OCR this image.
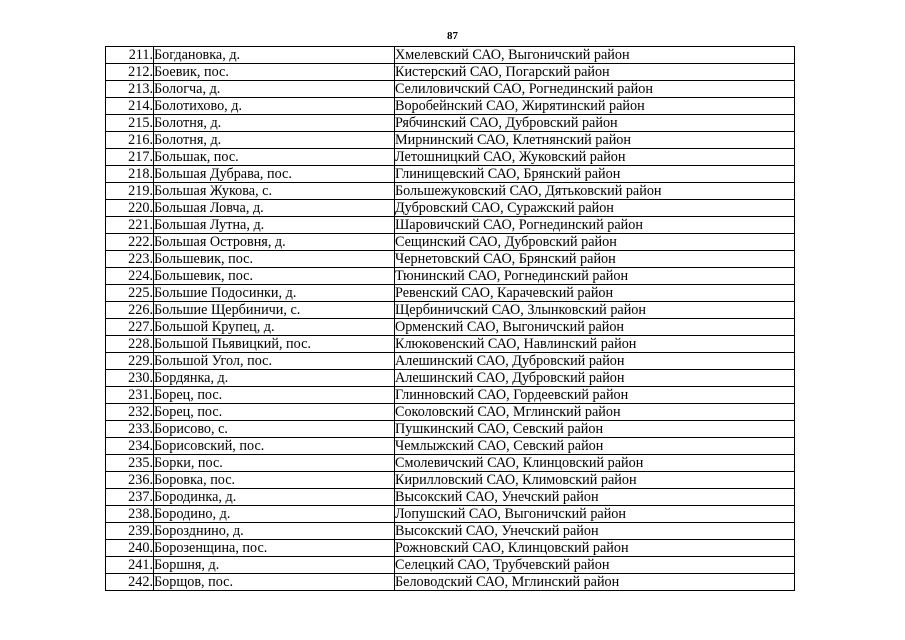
87
211.	Богдановка, д.	Хмелевский САО, Выгоничский район
212.	Боевик, пос.	Кистерский САО, Погарский район
213.	Бологча, д.	Селиловичский САО, Рогнединский район
214.	Болотихово, д.	Воробейнский САО, Жирятинский район
215.	Болотня, д.	Рябчинский САО, Дубровский район
216.	Болотня, д.	Мирнинский САО, Клетнянский район
217.	Большак, пос.	Летошницкий САО, Жуковский район
218.	Большая Дубрава, пос.	Глинищевский САО, Брянский район
219.	Большая Жукова, с.	Большежуковский САО, Дятьковский район
220.	Большая Ловча, д.	Дубровский САО, Суражский район
221.	Большая Лутна, д.	Шаровичский САО, Рогнединский район
222.	Большая Островня, д.	Сещинский САО, Дубровский район
223.	Большевик, пос.	Чернетовский САО, Брянский район
224.	Большевик, пос.	Тюнинский САО, Рогнединский район
225.	Большие Подосинки, д.	Ревенский САО, Карачевский район
226.	Большие Щербиничи, с.	Щербиничский САО, Злынковский район
227.	Большой Крупец, д.	Орменский САО, Выгоничский район
228.	Большой Пьявицкий, пос.	Клюковенский САО, Навлинский район
229.	Большой Угол, пос.	Алешинский САО, Дубровский район
230.	Бордянка, д.	Алешинский САО, Дубровский район
231.	Борец, пос.	Глинновский САО, Гордеевский район
232.	Борец, пос.	Соколовский САО, Мглинский район
233.	Борисово, с.	Пушкинский САО, Севский район
234.	Борисовский, пос.	Чемлыжский САО, Севский район
235.	Борки, пос.	Смолевичский САО, Клинцовский район
236.	Боровка, пос.	Кирилловский САО, Климовский район
237.	Бородинка, д.	Высокский САО, Унечский район
238.	Бородино, д.	Лопушский САО, Выгоничский район
239.	Борозднино, д.	Высокский САО, Унечский район
240.	Борозенщина, пос.	Рожновский САО, Клинцовский район
241.	Боршня, д.	Селецкий САО, Трубчевский район
242.	Борщов, пос.	Беловодский САО, Мглинский район
